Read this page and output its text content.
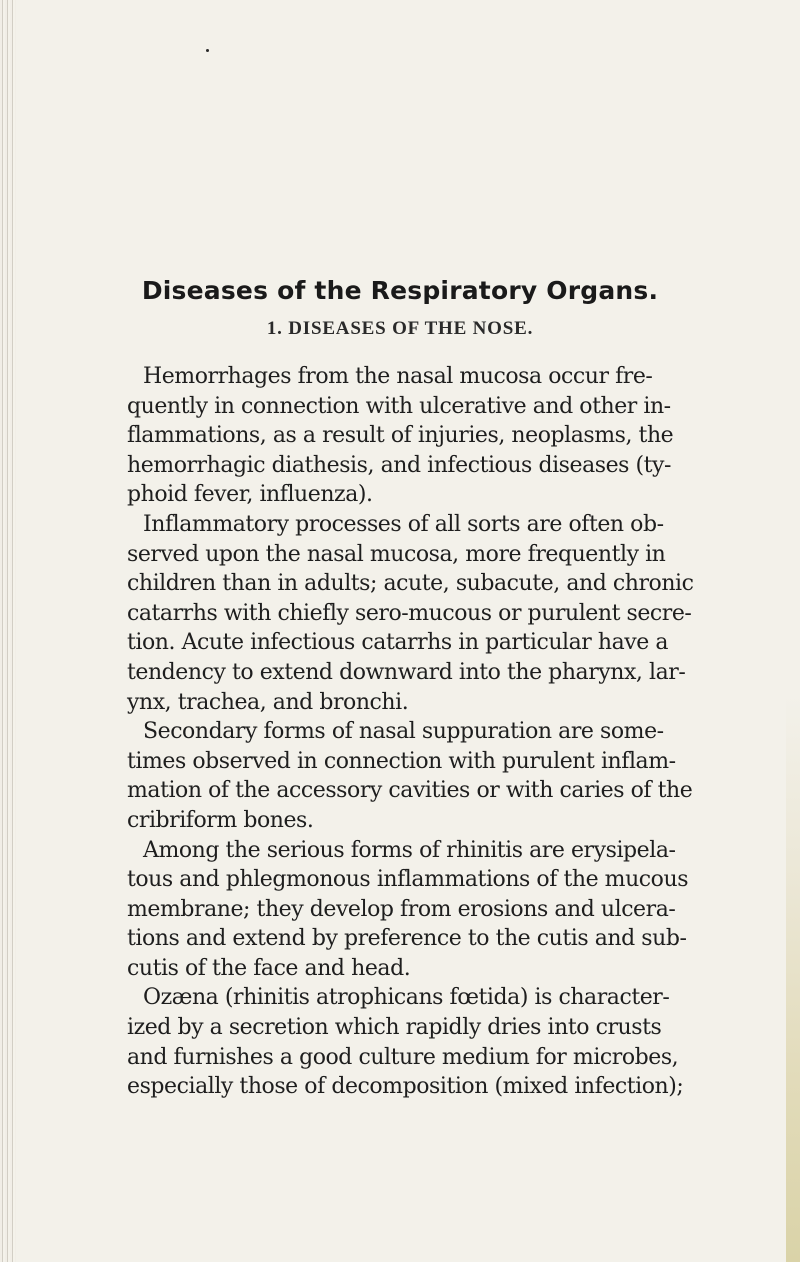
Diseases of the Respiratory Organs.
1. DISEASES OF THE NOSE.
Hemorrhages from the nasal mucosa occur fre-
quently in connection with ulcerative and other in-
flammations, as a result of injuries, neoplasms, the
hemorrhagic diathesis, and infectious diseases (ty-
phoid fever, influenza).
Inflammatory processes of all sorts are often ob-
served upon the nasal mucosa, more frequently in
children than in adults; acute, subacute, and chronic
catarrhs with chiefly sero-mucous or purulent secre-
tion. Acute infectious catarrhs in particular have a
tendency to extend downward into the pharynx, lar-
ynx, trachea, and bronchi.
Secondary forms of nasal suppuration are some-
times observed in connection with purulent inflam-
mation of the accessory cavities or with caries of the
cribriform bones.
Among the serious forms of rhinitis are erysipela-
tous and phlegmonous inflammations of the mucous
membrane; they develop from erosions and ulcera-
tions and extend by preference to the cutis and sub-
cutis of the face and head.
Ozæna (rhinitis atrophicans fœtida) is character-
ized by a secretion which rapidly dries into crusts
and furnishes a good culture medium for microbes,
especially those of decomposition (mixed infection);
